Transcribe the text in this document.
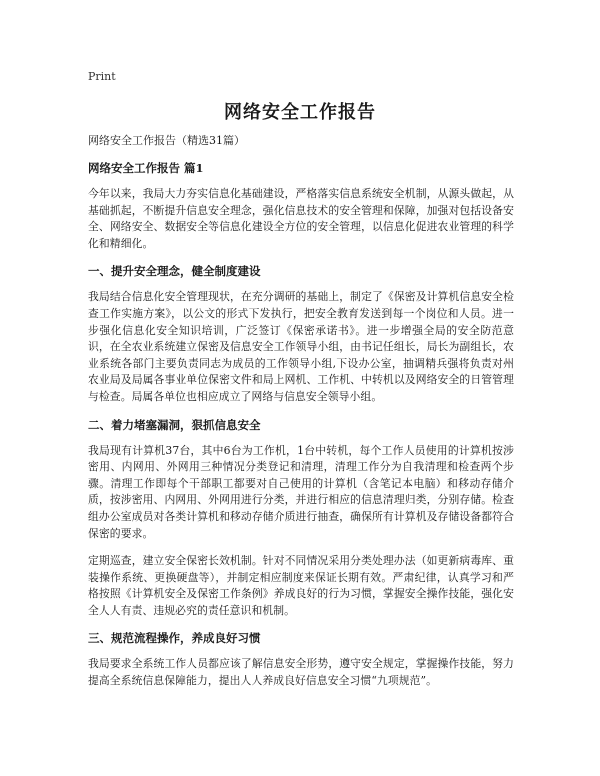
Print
网络安全工作报告

网络安全工作报告（精选31篇）

网络安全工作报告 篇1

今年以来，我局大力夯实信息化基础建设，严格落实信息系统安全机制，从源头做起，从基础抓起，不断提升信息安全理念，强化信息技术的安全管理和保障，加强对包括设备安全、网络安全、数据安全等信息化建设全方位的安全管理，以信息化促进农业管理的科学化和精细化。

一、提升安全理念，健全制度建设

我局结合信息化安全管理现状，在充分调研的基础上，制定了《保密及计算机信息安全检查工作实施方案》，以公文的形式下发执行，把安全教育发送到每一个岗位和人员。进一步强化信息化安全知识培训，广泛签订《保密承诺书》。进一步增强全局的安全防范意识，在全农业系统建立保密及信息安全工作领导小组，由书记任组长，局长为副组长，农业系统各部门主要负责同志为成员的工作领导小组,下设办公室，抽调精兵强将负责对州农业局及局属各事业单位保密文件和局上网机、工作机、中转机以及网络安全的日管管理与检查。局属各单位也相应成立了网络与信息安全领导小组。

二、着力堵塞漏洞，狠抓信息安全

我局现有计算机37台，其中6台为工作机，1台中转机，每个工作人员使用的计算机按涉密用、内网用、外网用三种情况分类登记和清理，清理工作分为自我清理和检查两个步骤。清理工作即每个干部职工都要对自己使用的计算机（含笔记本电脑）和移动存储介质，按涉密用、内网用、外网用进行分类，并进行相应的信息清理归类，分别存储。检查组办公室成员对各类计算机和移动存储介质进行抽查，确保所有计算机及存储设备都符合保密的要求。

定期巡查，建立安全保密长效机制。针对不同情况采用分类处理办法（如更新病毒库、重装操作系统、更换硬盘等），并制定相应制度来保证长期有效。严肃纪律，认真学习和严格按照《计算机安全及保密工作条例》养成良好的行为习惯，掌握安全操作技能，强化安全人人有责、违规必究的责任意识和机制。

三、规范流程操作，养成良好习惯

我局要求全系统工作人员都应该了解信息安全形势，遵守安全规定，掌握操作技能，努力提高全系统信息保障能力，提出人人养成良好信息安全习惯“九项规范”。
